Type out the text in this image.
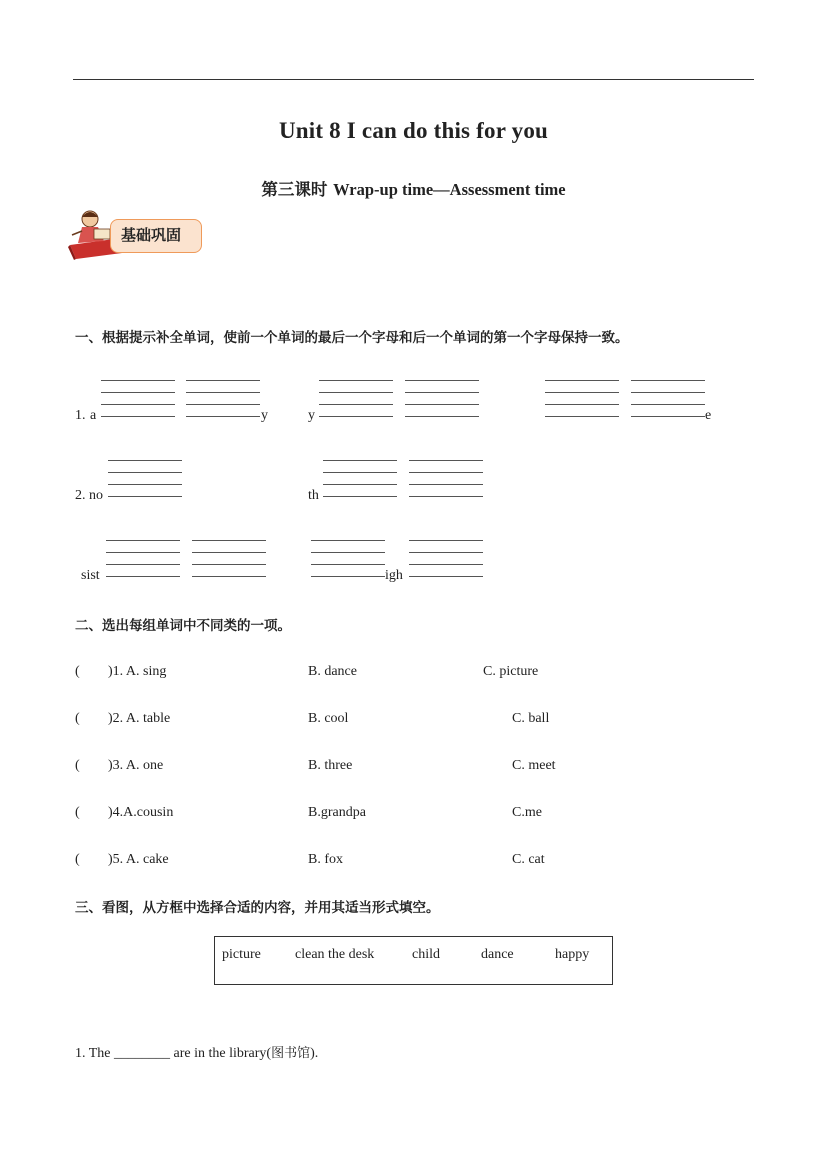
Unit 8 I can do this for you
第三课时 Wrap-up time—Assessment time
基础巩固
一、根据提示补全单词，使前一个单词的最后一个字母和后一个单词的第一个字母保持一致。
1. a	y	y	e
2. no	th
sist	igh
二、选出每组单词中不同类的一项。
( )1. A. sing	B. dance	C. picture
( )2. A. table	B. cool	C. ball
( )3. A. one	B. three	C. meet
( )4.A.cousin	B.grandpa	C.me
( )5. A. cake	B. fox	C. cat
三、看图，从方框中选择合适的内容，并用其适当形式填空。
picture clean the desk	child	dance	happy
1. The ________ are in the library(图书馆).
